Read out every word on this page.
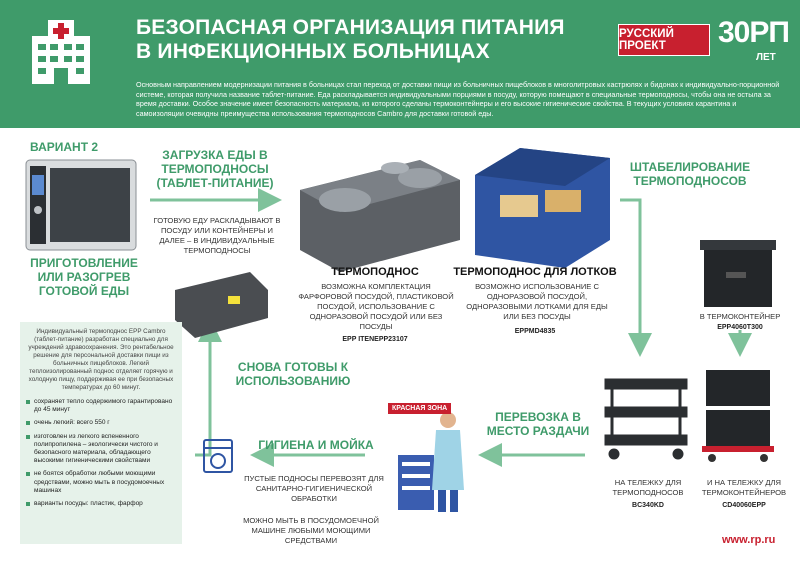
БЕЗОПАСНАЯ ОРГАНИЗАЦИЯ ПИТАНИЯ
В ИНФЕКЦИОННЫХ БОЛЬНИЦАХ
РУССКИЙ ПРОЕКТ	30РП
ЛЕТ
Основным направлением модернизации питания в больницах стал переход от доставки пищи из больничных пищеблоков в многолитровых кастрюлях и бидонах к индивидуально-порционной системе, которая получила название таблет-питание. Еда раскладывается индивидуальными порциями в посуду, которую помещают в специальные термоподносы, чтобы она не остыла за время доставки. Особое значение имеет безопасность материала, из которого сделаны термоконтейнеры и его высокие гигиенические свойства. В текущих условиях карантина и самоизоляции очевидны преимущества использования термоподносов Cambro для доставки готовой еды.
ВАРИАНТ 2
ПРИГОТОВЛЕНИЕ ИЛИ РАЗОГРЕВ ГОТОВОЙ ЕДЫ
ЗАГРУЗКА ЕДЫ В ТЕРМОПОДНОСЫ (ТАБЛЕТ-ПИТАНИЕ)
ГОТОВУЮ ЕДУ РАСКЛАДЫВАЮТ В ПОСУДУ ИЛИ КОНТЕЙНЕРЫ И ДАЛЕЕ – В ИНДИВИДУАЛЬНЫЕ ТЕРМОПОДНОСЫ
ТЕРМОПОДНОС
ВОЗМОЖНА КОМПЛЕКТАЦИЯ ФАРФОРОВОЙ ПОСУДОЙ, ПЛАСТИКОВОЙ ПОСУДОЙ, ИСПОЛЬЗОВАНИЕ С ОДНОРАЗОВОЙ ПОСУДОЙ ИЛИ БЕЗ ПОСУДЫ
EPP ITENEPP23107
ТЕРМОПОДНОС ДЛЯ ЛОТКОВ
ВОЗМОЖНО ИСПОЛЬЗОВАНИЕ С ОДНОРАЗОВОЙ ПОСУДОЙ, ОДНОРАЗОВЫМИ ЛОТКАМИ ДЛЯ ЕДЫ ИЛИ БЕЗ ПОСУДЫ
EPPMD4835
ШТАБЕЛИРОВАНИЕ ТЕРМОПОДНОСОВ
В ТЕРМОКОНТЕЙНЕР
EPP4060T300
СНОВА ГОТОВЫ К ИСПОЛЬЗОВАНИЮ
КРАСНАЯ ЗОНА
ПЕРЕВОЗКА В МЕСТО РАЗДАЧИ
ГИГИЕНА И МОЙКА
ПУСТЫЕ ПОДНОСЫ ПЕРЕВОЗЯТ ДЛЯ САНИТАРНО-ГИГИЕНИЧЕСКОЙ ОБРАБОТКИ
МОЖНО МЫТЬ В ПОСУДОМОЕЧНОЙ МАШИНЕ ЛЮБЫМИ МОЮЩИМИ СРЕДСТВАМИ
НА ТЕЛЕЖКУ ДЛЯ ТЕРМОПОДНОСОВ
BC340KD
И НА ТЕЛЕЖКУ ДЛЯ ТЕРМОКОНТЕЙНЕРОВ
CD40060EPP
Индивидуальный термоподнос EPP Cambro (таблет-питание) разработан специально для учреждений здравоохранения. Это рентабельное решение для персональной доставки пищи из больничных пищеблоков. Легкий теплоизолированный поднос отделяет горячую и холодную пищу, поддерживая ее при безопасных температурах до 60 минут.
сохраняет тепло содержимого гарантировано до 45 минут
очень легкий: всего 550 г
изготовлен из легкого вспененного полипропилена – экологически чистого и безопасного материала, обладающего высокими гигиеническими свойствами
не боятся обработки любыми моющими средствами, можно мыть в посудомоечных машинах
варианты посуды: пластик, фарфор
www.rp.ru
